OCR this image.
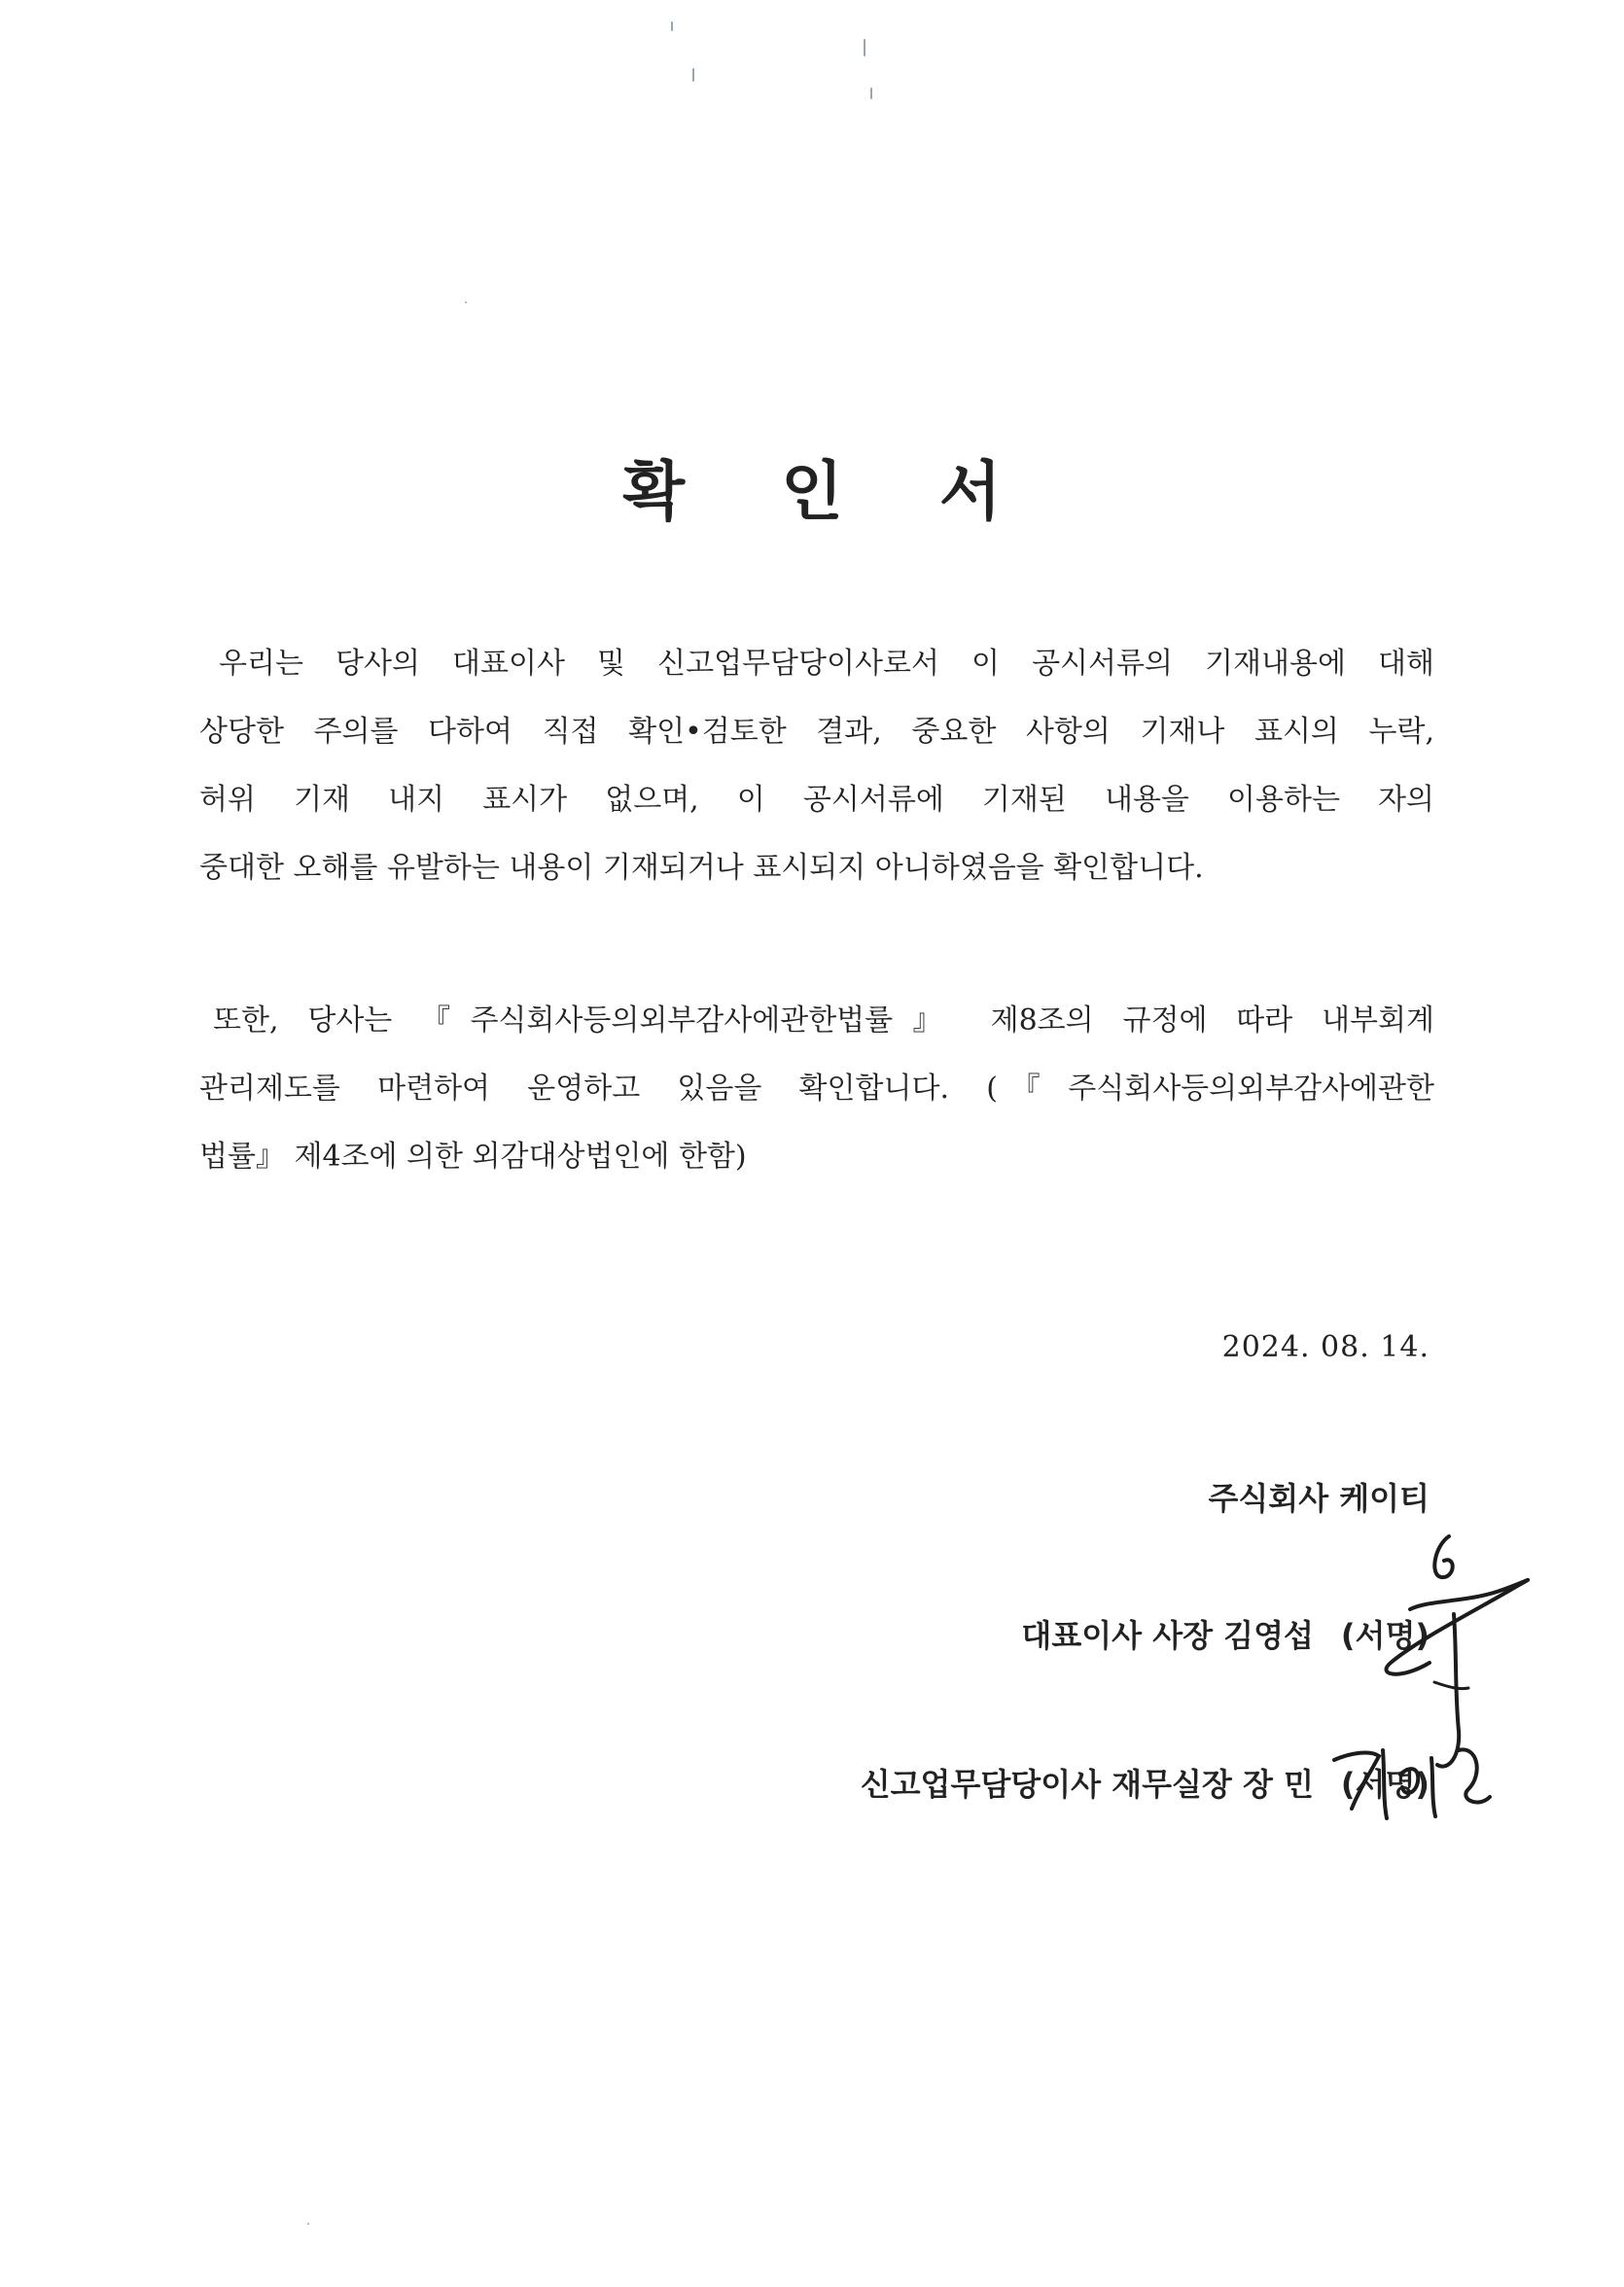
확 인 서

우리는 당사의 대표이사 및 신고업무담당이사로서 이 공시서류의 기재내용에 대해
상당한 주의를 다하여 직접 확인•검토한 결과, 중요한 사항의 기재나 표시의 누락,
허위 기재 내지 표시가 없으며, 이 공시서류에 기재된 내용을 이용하는 자의
중대한 오해를 유발하는 내용이 기재되거나 표시되지 아니하였음을 확인합니다.

또한, 당사는 『주식회사등의외부감사에관한법률』 제8조의 규정에 따라 내부회계
관리제도를 마련하여 운영하고 있음을 확인합니다. (『주식회사등의외부감사에관한
법률』 제4조에 의한 외감대상법인에 한함)

2024. 08. 14.
주식회사 케이티
대표이사 사장 김영섭 (서명)
신고업무담당이사 재무실장 장 민 (서명)
